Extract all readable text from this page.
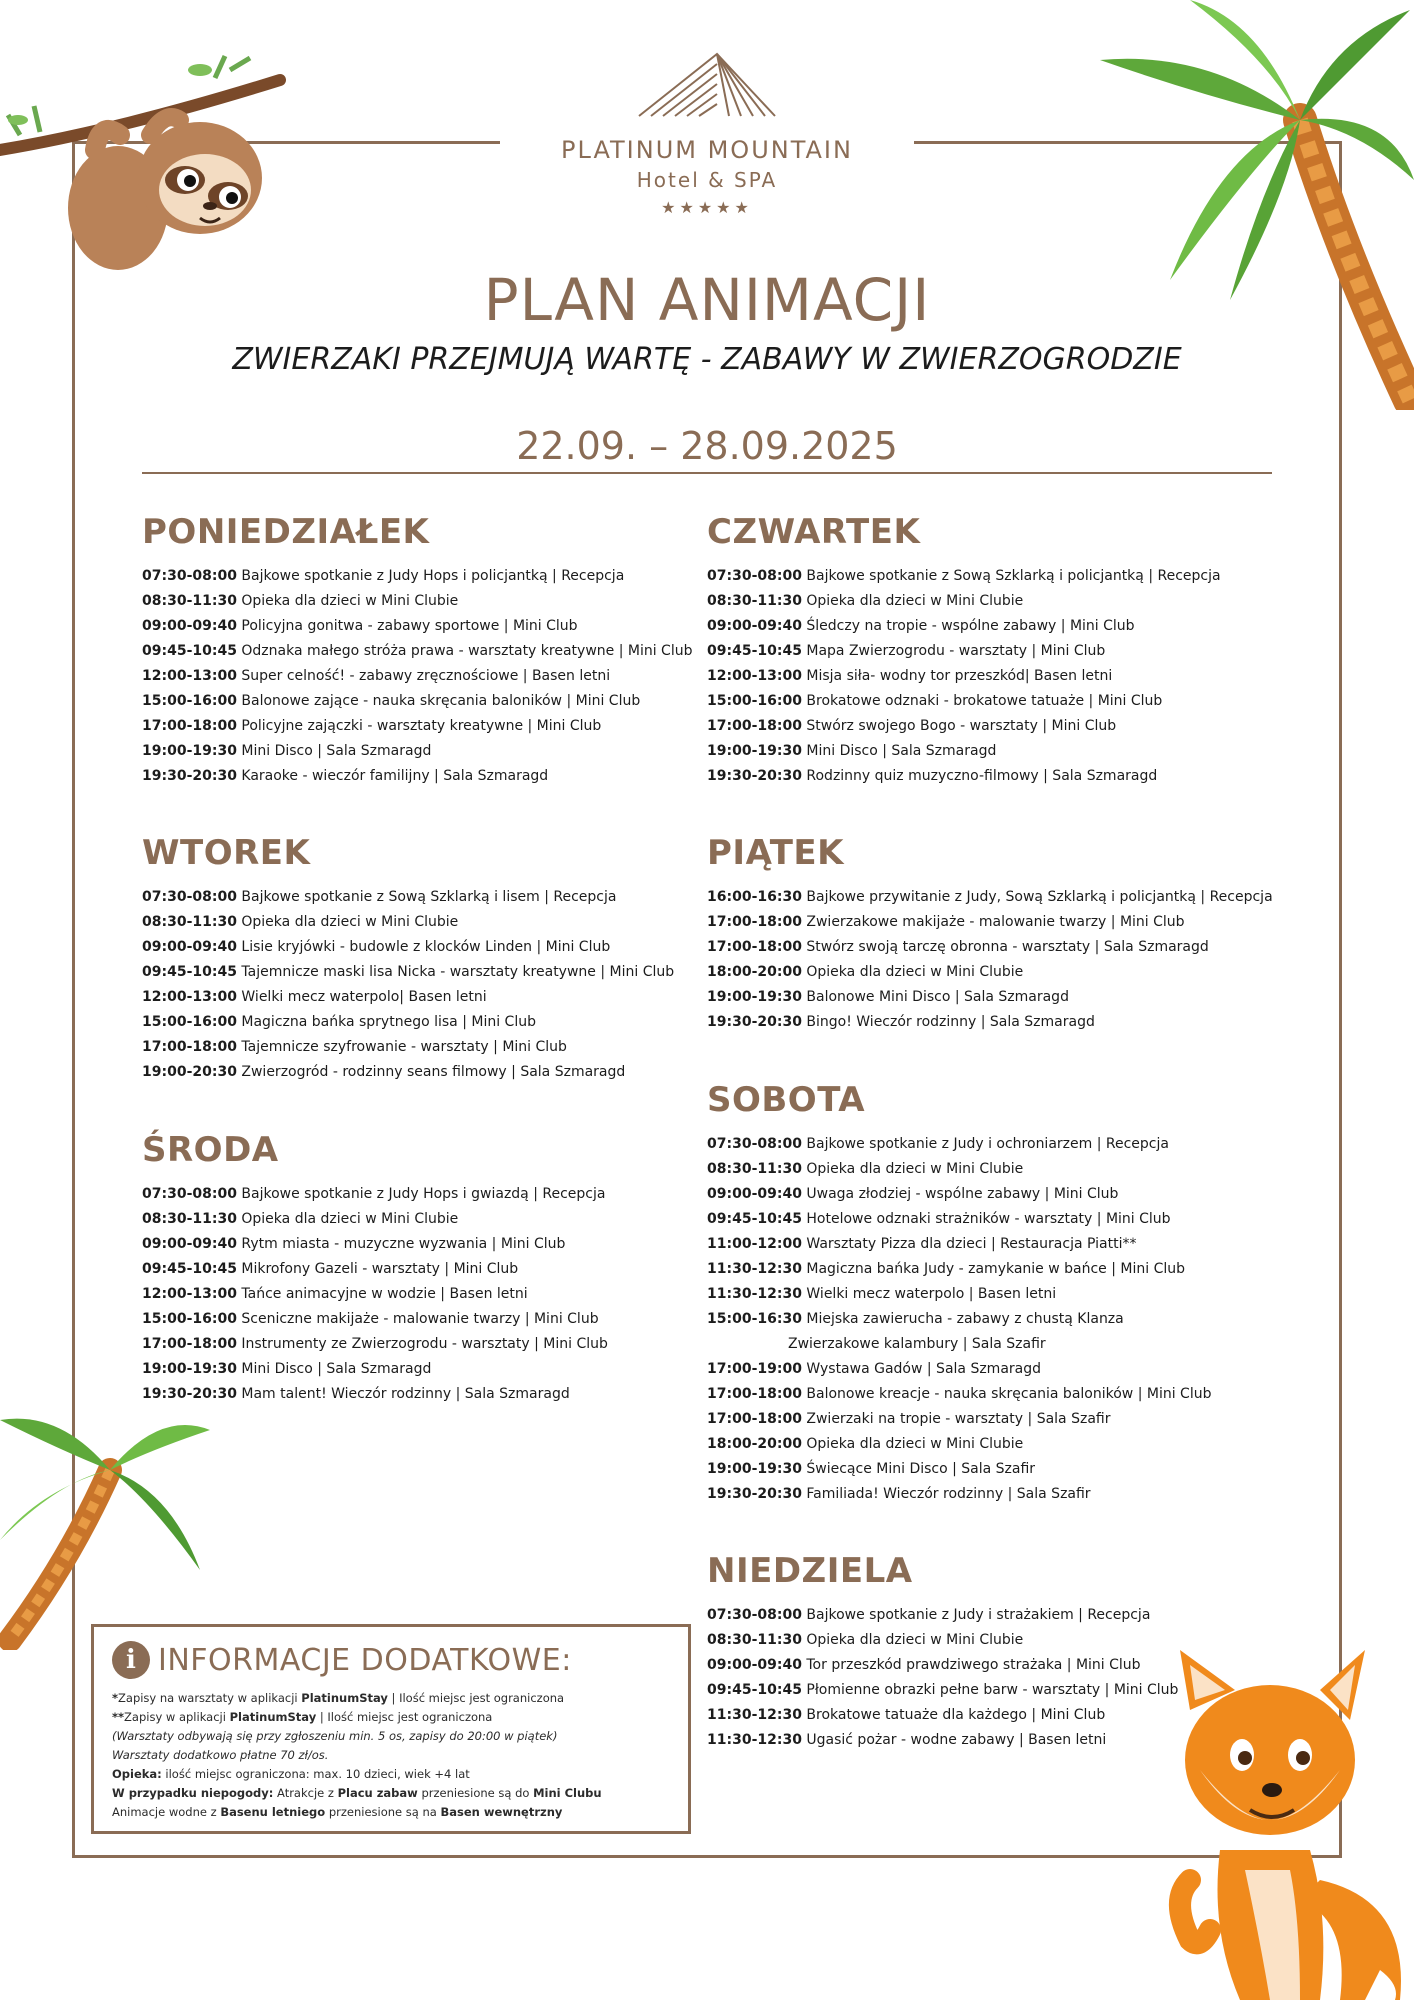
PLATINUM MOUNTAIN
Hotel & SPA
★★★★★
PLAN ANIMACJI
ZWIERZAKI PRZEJMUJĄ WARTĘ - ZABAWY W ZWIERZOGRODZIE
22.09. – 28.09.2025
PONIEDZIAŁEK
07:30-08:00 Bajkowe spotkanie z Judy Hops i policjantką | Recepcja
08:30-11:30 Opieka dla dzieci w Mini Clubie
09:00-09:40 Policyjna gonitwa - zabawy sportowe | Mini Club
09:45-10:45 Odznaka małego stróża prawa - warsztaty kreatywne | Mini Club
12:00-13:00 Super celność! - zabawy zręcznościowe | Basen letni
15:00-16:00 Balonowe zające - nauka skręcania baloników | Mini Club
17:00-18:00 Policyjne zajączki - warsztaty kreatywne | Mini Club
19:00-19:30 Mini Disco | Sala Szmaragd
19:30-20:30 Karaoke - wieczór familijny | Sala Szmaragd
WTOREK
07:30-08:00 Bajkowe spotkanie z Sową Szklarką i lisem | Recepcja
08:30-11:30 Opieka dla dzieci w Mini Clubie
09:00-09:40 Lisie kryjówki - budowle z klocków Linden | Mini Club
09:45-10:45 Tajemnicze maski lisa Nicka - warsztaty kreatywne | Mini Club
12:00-13:00 Wielki mecz waterpolo| Basen letni
15:00-16:00 Magiczna bańka sprytnego lisa | Mini Club
17:00-18:00 Tajemnicze szyfrowanie - warsztaty | Mini Club
19:00-20:30 Zwierzogród - rodzinny seans filmowy | Sala Szmaragd
ŚRODA
07:30-08:00 Bajkowe spotkanie z Judy Hops i gwiazdą | Recepcja
08:30-11:30 Opieka dla dzieci w Mini Clubie
09:00-09:40 Rytm miasta - muzyczne wyzwania | Mini Club
09:45-10:45 Mikrofony Gazeli - warsztaty | Mini Club
12:00-13:00 Tańce animacyjne w wodzie | Basen letni
15:00-16:00 Sceniczne makijaże - malowanie twarzy | Mini Club
17:00-18:00 Instrumenty ze Zwierzogrodu - warsztaty | Mini Club
19:00-19:30 Mini Disco | Sala Szmaragd
19:30-20:30 Mam talent! Wieczór rodzinny | Sala Szmaragd
CZWARTEK
07:30-08:00 Bajkowe spotkanie z Sową Szklarką i policjantką | Recepcja
08:30-11:30 Opieka dla dzieci w Mini Clubie
09:00-09:40 Śledczy na tropie - wspólne zabawy | Mini Club
09:45-10:45 Mapa Zwierzogrodu - warsztaty | Mini Club
12:00-13:00 Misja siła- wodny tor przeszkód| Basen letni
15:00-16:00 Brokatowe odznaki - brokatowe tatuaże | Mini Club
17:00-18:00 Stwórz swojego Bogo - warsztaty | Mini Club
19:00-19:30 Mini Disco | Sala Szmaragd
19:30-20:30 Rodzinny quiz muzyczno-filmowy | Sala Szmaragd
PIĄTEK
16:00-16:30 Bajkowe przywitanie z Judy, Sową Szklarką i policjantką | Recepcja
17:00-18:00 Zwierzakowe makijaże - malowanie twarzy | Mini Club
17:00-18:00 Stwórz swoją tarczę obronna - warsztaty | Sala Szmaragd
18:00-20:00 Opieka dla dzieci w Mini Clubie
19:00-19:30 Balonowe Mini Disco | Sala Szmaragd
19:30-20:30 Bingo! Wieczór rodzinny | Sala Szmaragd
SOBOTA
07:30-08:00 Bajkowe spotkanie z Judy i ochroniarzem | Recepcja
08:30-11:30 Opieka dla dzieci w Mini Clubie
09:00-09:40 Uwaga złodziej - wspólne zabawy | Mini Club
09:45-10:45 Hotelowe odznaki strażników - warsztaty | Mini Club
11:00-12:00 Warsztaty Pizza dla dzieci | Restauracja Piatti**
11:30-12:30 Magiczna bańka Judy - zamykanie w bańce | Mini Club
11:30-12:30 Wielki mecz waterpolo | Basen letni
15:00-16:30 Miejska zawierucha - zabawy z chustą Klanza
Zwierzakowe kalambury | Sala Szafir
17:00-19:00 Wystawa Gadów | Sala Szmaragd
17:00-18:00 Balonowe kreacje - nauka skręcania baloników | Mini Club
17:00-18:00 Zwierzaki na tropie - warsztaty | Sala Szafir
18:00-20:00 Opieka dla dzieci w Mini Clubie
19:00-19:30 Świecące Mini Disco | Sala Szafir
19:30-20:30 Familiada! Wieczór rodzinny | Sala Szafir
NIEDZIELA
07:30-08:00 Bajkowe spotkanie z Judy i strażakiem | Recepcja
08:30-11:30 Opieka dla dzieci w Mini Clubie
09:00-09:40 Tor przeszkód prawdziwego strażaka | Mini Club
09:45-10:45 Płomienne obrazki pełne barw - warsztaty | Mini Club
11:30-12:30 Brokatowe tatuaże dla każdego | Mini Club
11:30-12:30 Ugasić pożar - wodne zabawy | Basen letni
i INFORMACJE DODATKOWE:
*Zapisy na warsztaty w aplikacji PlatinumStay | Ilość miejsc jest ograniczona
**Zapisy w aplikacji PlatinumStay | Ilość miejsc jest ograniczona
(Warsztaty odbywają się przy zgłoszeniu min. 5 os, zapisy do 20:00 w piątek)
Warsztaty dodatkowo płatne 70 zł/os.
Opieka: ilość miejsc ograniczona: max. 10 dzieci, wiek +4 lat
W przypadku niepogody: Atrakcje z Placu zabaw przeniesione są do Mini Clubu
Animacje wodne z Basenu letniego przeniesione są na Basen wewnętrzny
